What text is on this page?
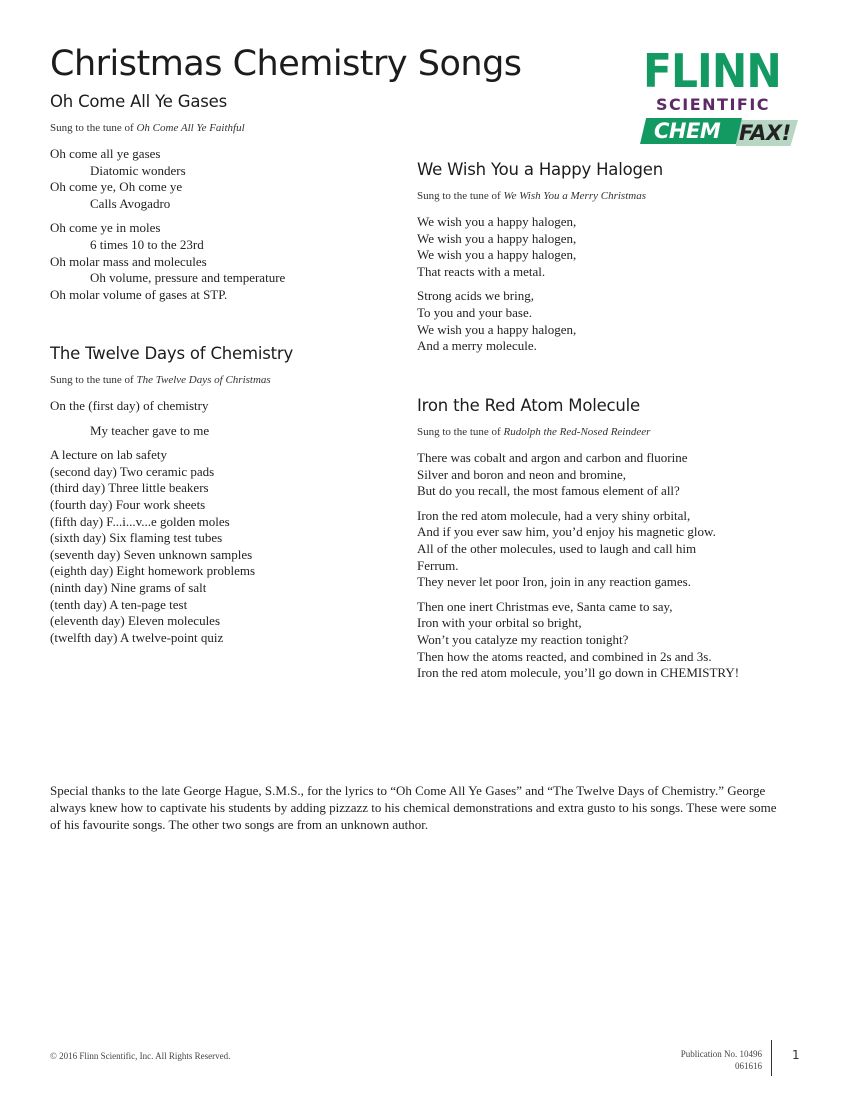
Christmas Chemistry Songs	FLINN
SCIENTIFIC
CHEM FAX!
Oh Come All Ye Gases

Sung to the tune of Oh Come All Ye Faithful

Oh come all ye gases
Diatomic wonders
Oh come ye, Oh come ye
Calls Avogadro
Oh come ye in moles
6 times 10 to the 23rd
Oh molar mass and molecules
Oh volume, pressure and temperature
Oh molar volume of gases at STP.
The Twelve Days of Chemistry

Sung to the tune of The Twelve Days of Christmas

On the (first day) of chemistry
My teacher gave to me
A lecture on lab safety
(second day) Two ceramic pads
(third day) Three little beakers
(fourth day) Four work sheets
(fifth day) F...i...v...e golden moles
(sixth day) Six flaming test tubes
(seventh day) Seven unknown samples
(eighth day) Eight homework problems
(ninth day) Nine grams of salt
(tenth day) A ten-page test
(eleventh day) Eleven molecules
(twelfth day) A twelve-point quiz
We Wish You a Happy Halogen

Sung to the tune of We Wish You a Merry Christmas

We wish you a happy halogen,
We wish you a happy halogen,
We wish you a happy halogen,
That reacts with a metal.
Strong acids we bring,
To you and your base.
We wish you a happy halogen,
And a merry molecule.
Iron the Red Atom Molecule

Sung to the tune of Rudolph the Red-Nosed Reindeer

There was cobalt and argon and carbon and fluorine
Silver and boron and neon and bromine,
But do you recall, the most famous element of all?
Iron the red atom molecule, had a very shiny orbital,
And if you ever saw him, you’d enjoy his magnetic glow.
All of the other molecules, used to laugh and call him
Ferrum.
They never let poor Iron, join in any reaction games.
Then one inert Christmas eve, Santa came to say,
Iron with your orbital so bright,
Won’t you catalyze my reaction tonight?
Then how the atoms reacted, and combined in 2s and 3s.
Iron the red atom molecule, you’ll go down in CHEMISTRY!

Special thanks to the late George Hague, S.M.S., for the lyrics to “Oh Come All Ye Gases” and “The Twelve Days of Chemistry.” George always knew how to captivate his students by adding pizzazz to his chemical demonstrations and extra gusto to his songs. These were some of his favourite songs. The other two songs are from an unknown author.

© 2016 Flinn Scientific, Inc. All Rights Reserved.	Publication No. 10496
061616
1
